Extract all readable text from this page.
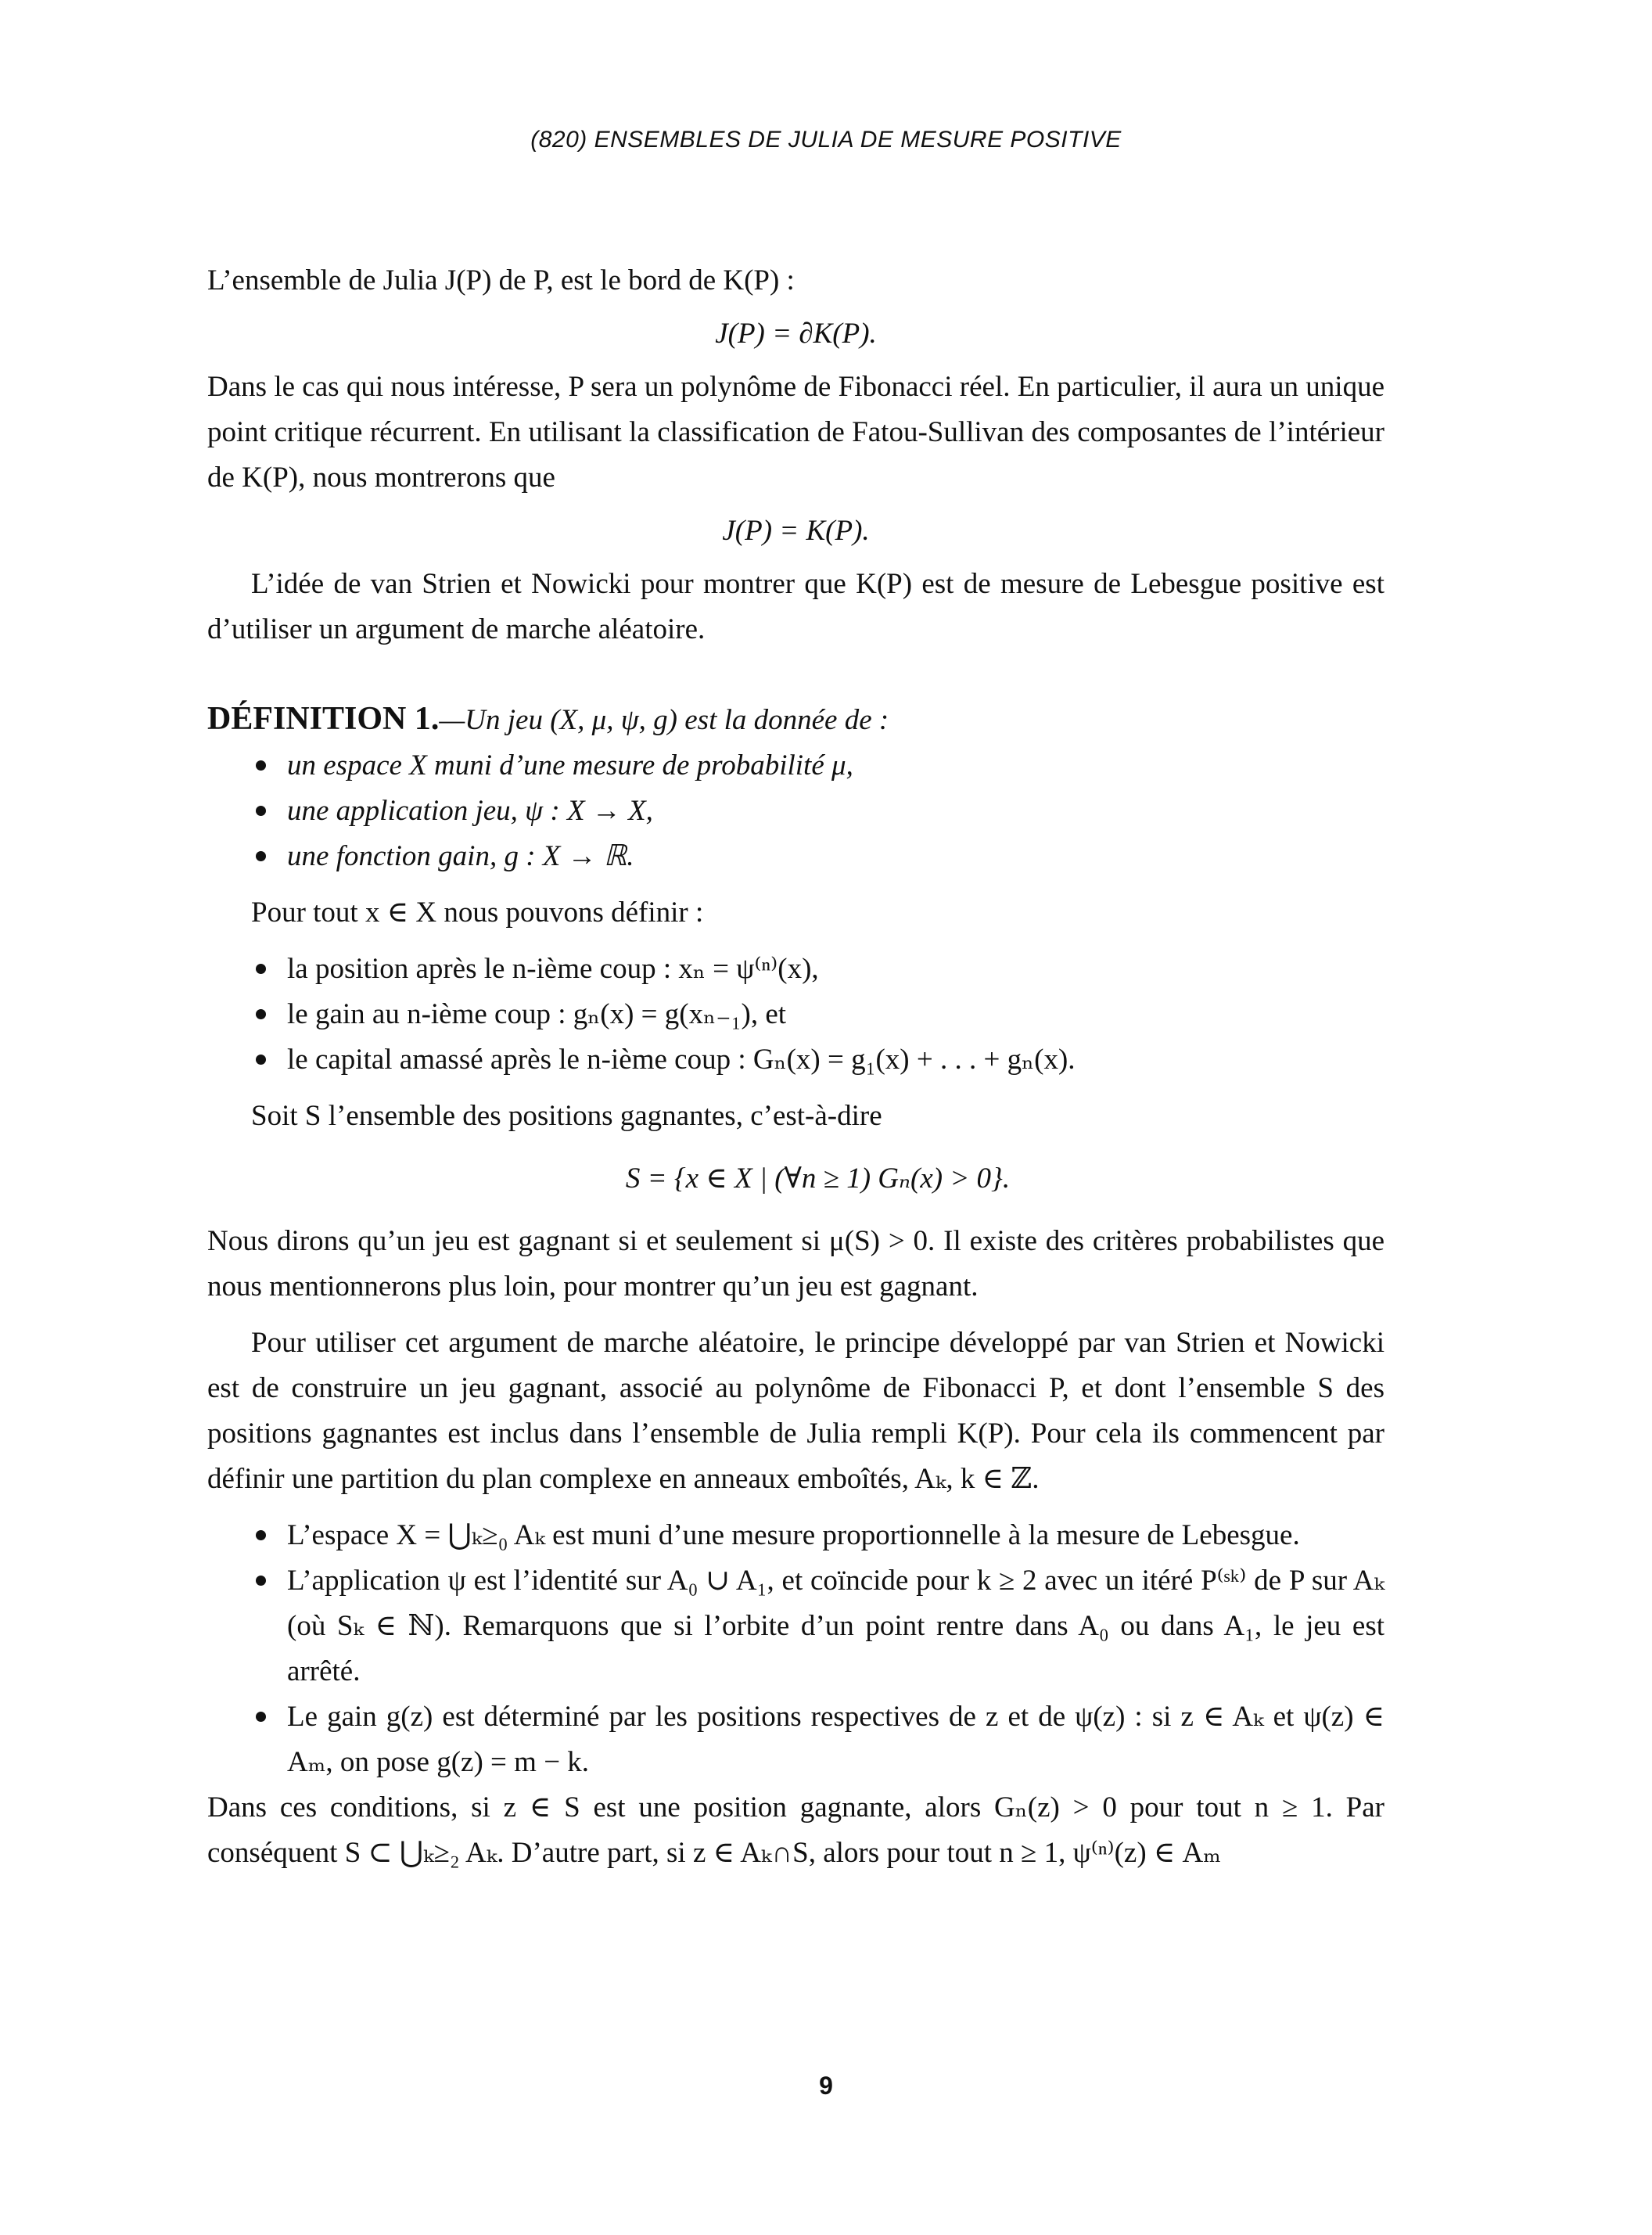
(820) ENSEMBLES DE JULIA DE MESURE POSITIVE

L’ensemble de Julia J(P) de P, est le bord de K(P) :

J(P) = ∂K(P).

Dans le cas qui nous intéresse, P sera un polynôme de Fibonacci réel. En particulier, il aura un unique point critique récurrent. En utilisant la classification de Fatou-Sullivan des composantes de l’intérieur de K(P), nous montrerons que

J(P) = K(P).

L’idée de van Strien et Nowicki pour montrer que K(P) est de mesure de Lebesgue positive est d’utiliser un argument de marche aléatoire.

DÉFINITION 1.—Un jeu (X, μ, ψ, g) est la donnée de :

un espace X muni d’une mesure de probabilité μ,
une application jeu, ψ : X → X,
une fonction gain, g : X → ℝ.

Pour tout x ∈ X nous pouvons définir :

la position après le n-ième coup : xₙ = ψ⁽ⁿ⁾(x),
le gain au n-ième coup : gₙ(x) = g(xₙ₋₁), et
le capital amassé après le n-ième coup : Gₙ(x) = g₁(x) + . . . + gₙ(x).

Soit S l’ensemble des positions gagnantes, c’est-à-dire

S = {x ∈ X | (∀n ≥ 1) Gₙ(x) > 0}.

Nous dirons qu’un jeu est gagnant si et seulement si μ(S) > 0. Il existe des critères probabilistes que nous mentionnerons plus loin, pour montrer qu’un jeu est gagnant.

Pour utiliser cet argument de marche aléatoire, le principe développé par van Strien et Nowicki est de construire un jeu gagnant, associé au polynôme de Fibonacci P, et dont l’ensemble S des positions gagnantes est inclus dans l’ensemble de Julia rempli K(P). Pour cela ils commencent par définir une partition du plan complexe en anneaux emboîtés, Aₖ, k ∈ ℤ.

L’espace X = ⋃ₖ≥₀ Aₖ est muni d’une mesure proportionnelle à la mesure de Lebesgue.
L’application ψ est l’identité sur A₀ ∪ A₁, et coïncide pour k ≥ 2 avec un itéré P⁽ˢᵏ⁾ de P sur Aₖ (où Sₖ ∈ ℕ). Remarquons que si l’orbite d’un point rentre dans A₀ ou dans A₁, le jeu est arrêté.
Le gain g(z) est déterminé par les positions respectives de z et de ψ(z) : si z ∈ Aₖ et ψ(z) ∈ Aₘ, on pose g(z) = m − k.

Dans ces conditions, si z ∈ S est une position gagnante, alors Gₙ(z) > 0 pour tout n ≥ 1. Par conséquent S ⊂ ⋃ₖ≥₂ Aₖ. D’autre part, si z ∈ Aₖ∩S, alors pour tout n ≥ 1, ψ⁽ⁿ⁾(z) ∈ Aₘ

9
